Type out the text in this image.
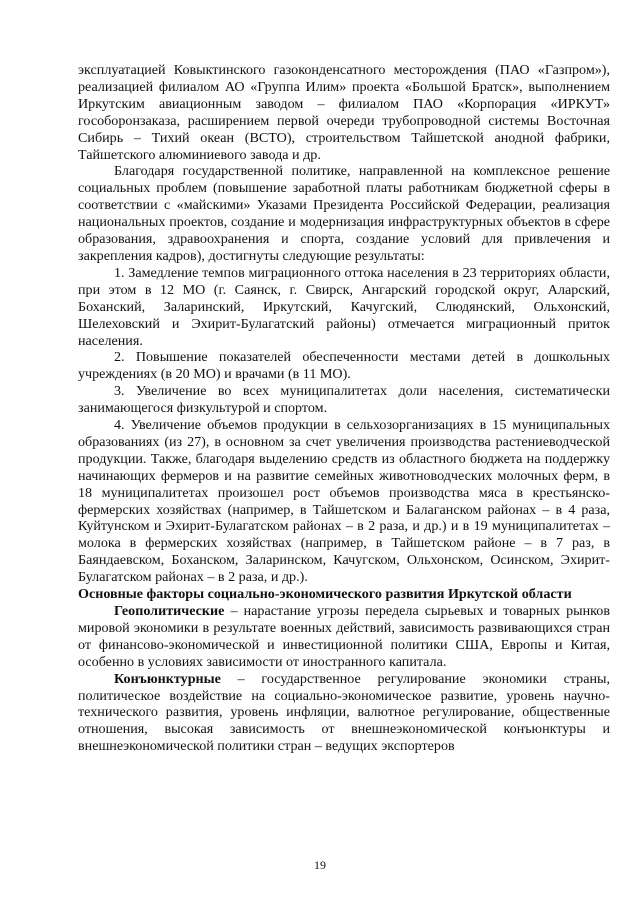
эксплуатацией Ковыктинского газоконденсатного месторождения (ПАО «Газпром»), реализацией филиалом АО «Группа Илим» проекта «Большой Братск», выполнением Иркутским авиационным заводом – филиалом ПАО «Корпорация «ИРКУТ» гособоронзаказа, расширением первой очереди трубопроводной системы Восточная Сибирь – Тихий океан (ВСТО), строительством Тайшетской анодной фабрики, Тайшетского алюминиевого завода и др.

Благодаря государственной политике, направленной на комплексное решение социальных проблем (повышение заработной платы работникам бюджетной сферы в соответствии с «майскими» Указами Президента Российской Федерации, реализация национальных проектов, создание и модернизация инфраструктурных объектов в сфере образования, здравоохранения и спорта, создание условий для привлечения и закрепления кадров), достигнуты следующие результаты:

1. Замедление темпов миграционного оттока населения в 23 территориях области, при этом в 12 МО (г. Саянск, г. Свирск, Ангарский городской округ, Аларский, Боханский, Заларинский, Иркутский, Качугский, Слюдянский, Ольхонский, Шелеховский и Эхирит-Булагатский районы) отмечается миграционный приток населения.

2. Повышение показателей обеспеченности местами детей в дошкольных учреждениях (в 20 МО) и врачами (в 11 МО).

3. Увеличение во всех муниципалитетах доли населения, систематически занимающегося физкультурой и спортом.

4. Увеличение объемов продукции в сельхозорганизациях в 15 муниципальных образованиях (из 27), в основном за счет увеличения производства растениеводческой продукции. Также, благодаря выделению средств из областного бюджета на поддержку начинающих фермеров и на развитие семейных животноводческих молочных ферм, в 18 муниципалитетах произошел рост объемов производства мяса в крестьянско-фермерских хозяйствах (например, в Тайшетском и Балаганском районах – в 4 раза, Куйтунском и Эхирит-Булагатском районах – в 2 раза, и др.) и в 19 муниципалитетах – молока в фермерских хозяйствах (например, в Тайшетском районе – в 7 раз, в Баяндаевском, Боханском, Заларинском, Качугском, Ольхонском, Осинском, Эхирит-Булагатском районах – в 2 раза, и др.).

Основные факторы социально-экономического развития Иркутской области

Геополитические – нарастание угрозы передела сырьевых и товарных рынков мировой экономики в результате военных действий, зависимость развивающихся стран от финансово-экономической и инвестиционной политики США, Европы и Китая, особенно в условиях зависимости от иностранного капитала.

Конъюнктурные – государственное регулирование экономики страны, политическое воздействие на социально-экономическое развитие, уровень научно-технического развития, уровень инфляции, валютное регулирование, общественные отношения, высокая зависимость от внешнеэкономической конъюнктуры и внешнеэкономической политики стран – ведущих экспортеров

19
